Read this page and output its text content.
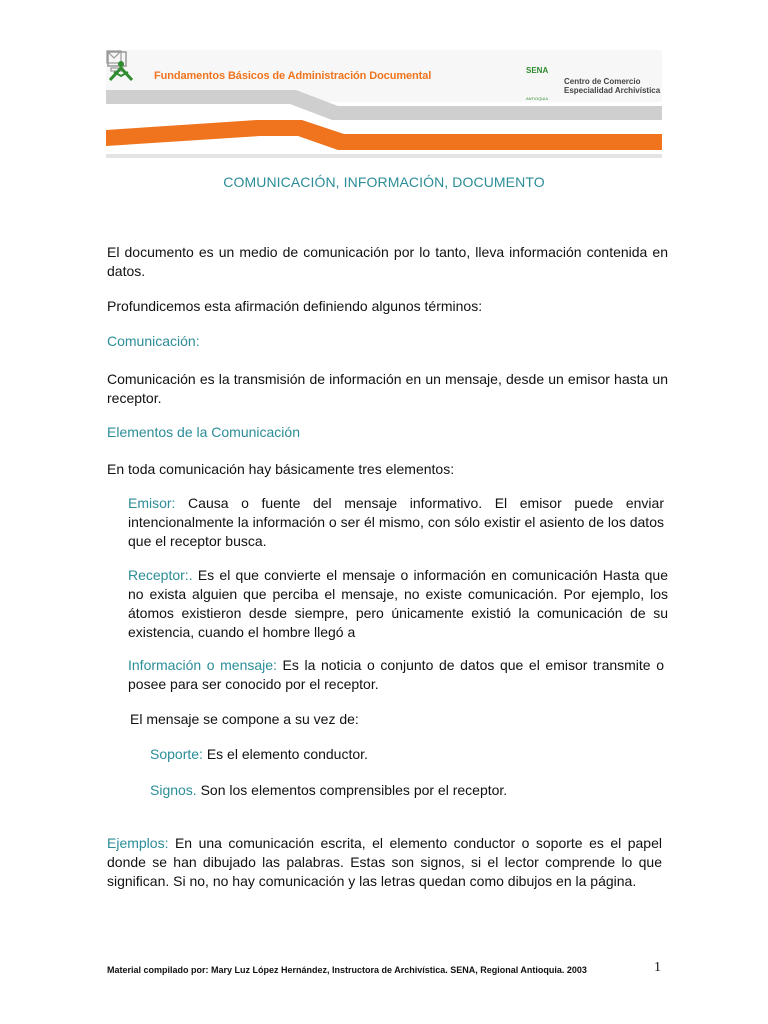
Fundamentos Básicos de Administración Documental	SENA
ANTIOQUIA
Centro de Comercio
Especialidad Archivística
COMUNICACIÓN, INFORMACIÓN, DOCUMENTO

El documento es un medio de comunicación por lo tanto, lleva información contenida en datos.

Profundicemos esta afirmación definiendo algunos términos:

Comunicación:

Comunicación es la transmisión de información en un mensaje, desde un emisor hasta un receptor.

Elementos de la Comunicación

En toda comunicación hay básicamente tres elementos:

Emisor: Causa o fuente del mensaje informativo. El emisor puede enviar intencionalmente la información o ser él mismo, con sólo existir el asiento de los datos que el receptor busca.

Receptor:. Es el que convierte el mensaje o información en comunicación Hasta que no exista alguien que perciba el mensaje, no existe comunicación. Por ejemplo, los átomos existieron desde siempre, pero únicamente existió la comunicación de su existencia, cuando el hombre llegó a

Información o mensaje: Es la noticia o conjunto de datos que el emisor transmite o posee para ser conocido por el receptor.

El mensaje se compone a su vez de:

Soporte: Es el elemento conductor.

Signos. Son los elementos comprensibles por el receptor.

Ejemplos: En una comunicación escrita, el elemento conductor o soporte es el papel donde se han dibujado las palabras. Estas son signos, si el lector comprende lo que significan. Si no, no hay comunicación y las letras quedan como dibujos en la página.

Material compilado por: Mary Luz López Hernández, Instructora de Archivística. SENA, Regional Antioquia. 2003	1
